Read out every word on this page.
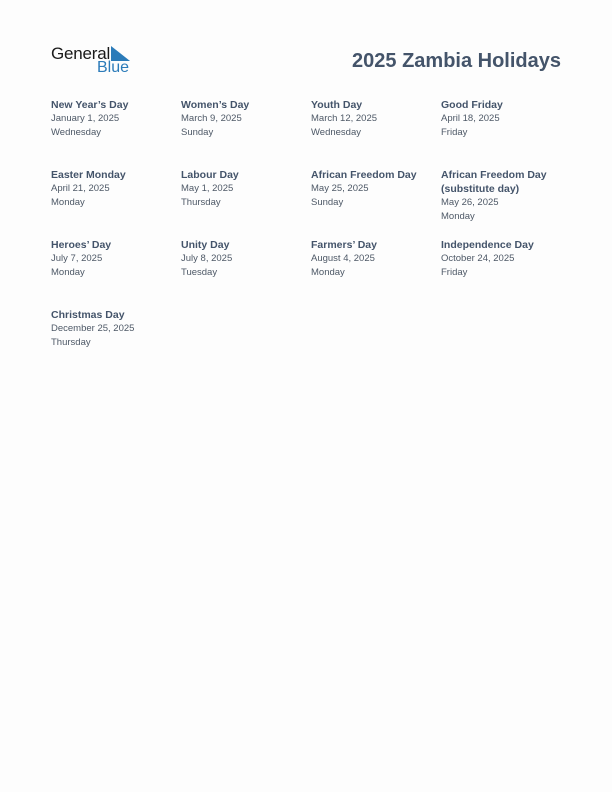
General
Blue	2025 Zambia Holidays
New Year’s Day
January 1, 2025
Wednesday
Women’s Day
March 9, 2025
Sunday
Youth Day
March 12, 2025
Wednesday
Good Friday
April 18, 2025
Friday
Easter Monday
April 21, 2025
Monday
Labour Day
May 1, 2025
Thursday
African Freedom Day
May 25, 2025
Sunday
African Freedom Day (substitute day)
May 26, 2025
Monday
Heroes’ Day
July 7, 2025
Monday
Unity Day
July 8, 2025
Tuesday
Farmers’ Day
August 4, 2025
Monday
Independence Day
October 24, 2025
Friday
Christmas Day
December 25, 2025
Thursday
